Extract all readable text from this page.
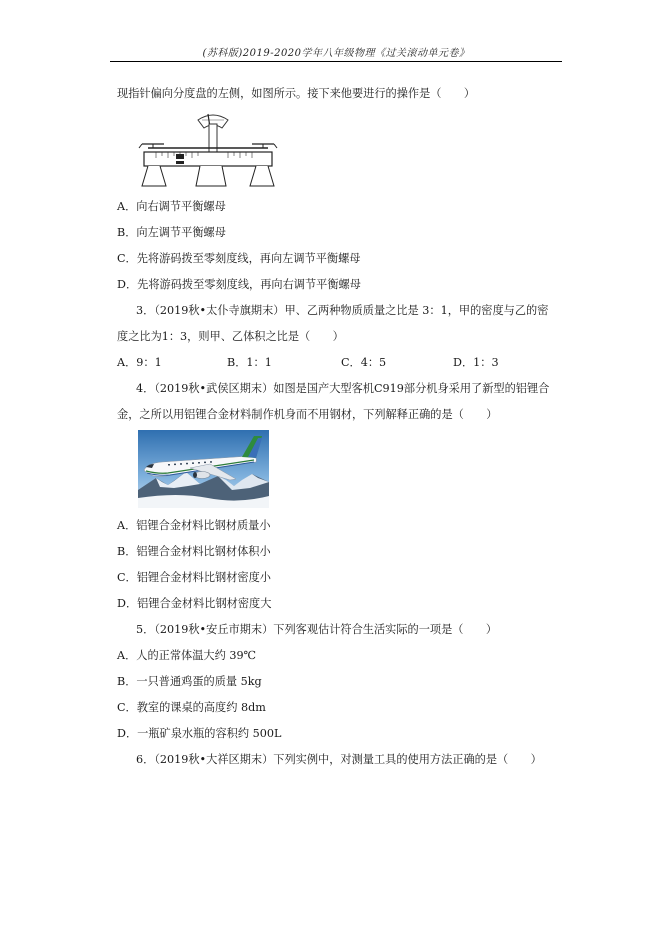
(苏科版)2019-2020学年八年级物理《过关滚动单元卷》
现指针偏向分度盘的左侧，如图所示。接下来他要进行的操作是（　　）
A．向右调节平衡螺母
B．向左调节平衡螺母
C．先将游码拨至零刻度线，再向左调节平衡螺母
D．先将游码拨至零刻度线，再向右调节平衡螺母
3．（2019秋•太仆寺旗期末）甲、乙两种物质质量之比是 3：1，甲的密度与乙的密
度之比为1：3，则甲、乙体积之比是（　　）
A．9：1	B．1：1	C．4：5	D．1：3
4．（2019秋•武侯区期末）如图是国产大型客机C919部分机身采用了新型的铝锂合
金，之所以用铝锂合金材料制作机身而不用钢材，下列解释正确的是（　　）
A．铝锂合金材料比钢材质量小
B．铝锂合金材料比钢材体积小
C．铝锂合金材料比钢材密度小
D．铝锂合金材料比钢材密度大
5．（2019秋•安丘市期末）下列客观估计符合生活实际的一项是（　　）
A．人的正常体温大约 39℃
B．一只普通鸡蛋的质量 5kg
C．教室的课桌的高度约 8dm
D．一瓶矿泉水瓶的容积约 500L
6．（2019秋•大祥区期末）下列实例中，对测量工具的使用方法正确的是（　　）
